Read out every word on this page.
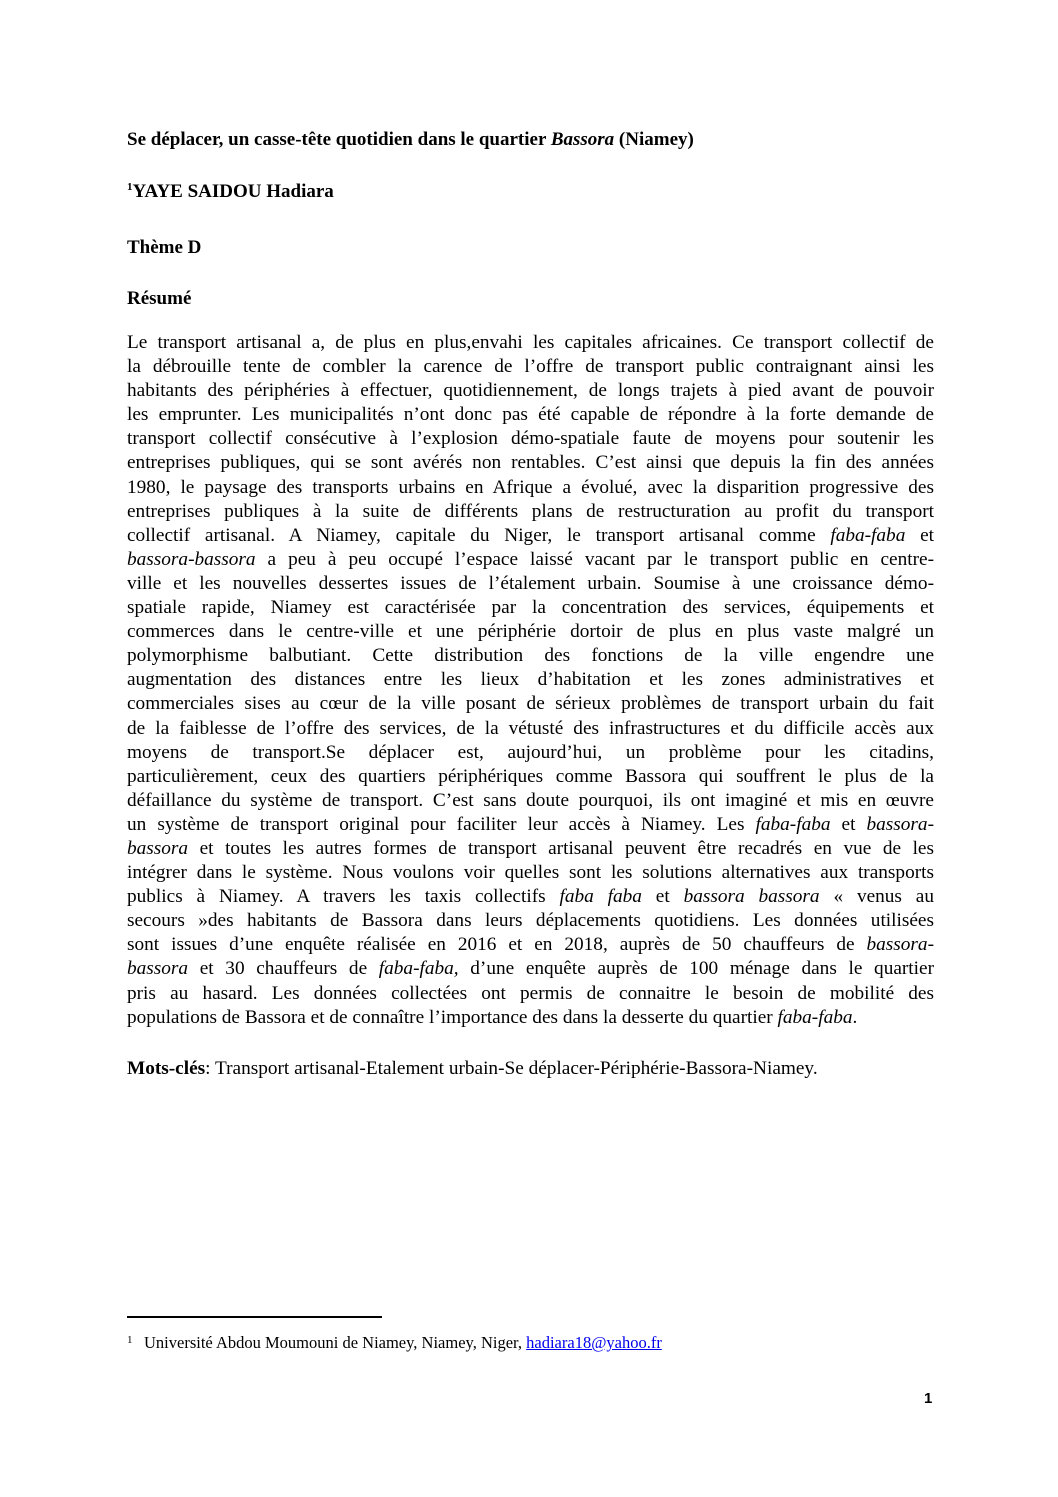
Se déplacer, un casse-tête quotidien dans le quartier Bassora (Niamey)
$^1$YAYE SAIDOU Hadiara
Thème D
Résumé
Le transport artisanal a, de plus en plus,envahi les capitales africaines. Ce transport collectif de
la débrouille tente de combler la carence de l’offre de transport public contraignant ainsi les
habitants des périphéries à effectuer, quotidiennement, de longs trajets à pied avant de pouvoir
les emprunter. Les municipalités n’ont donc pas été capable de répondre à la forte demande de
transport collectif consécutive à l’explosion démo-spatiale faute de moyens pour soutenir les
entreprises publiques, qui se sont avérés non rentables. C’est ainsi que depuis la fin des années
1980, le paysage des transports urbains en Afrique a évolué, avec la disparition progressive des
entreprises publiques à la suite de différents plans de restructuration au profit du transport
collectif artisanal. A Niamey, capitale du Niger, le transport artisanal comme faba-faba et
bassora-bassora a peu à peu occupé l’espace laissé vacant par le transport public en centre-
ville et les nouvelles dessertes issues de l’étalement urbain. Soumise à une croissance démo-
spatiale rapide, Niamey est caractérisée par la concentration des services, équipements et
commerces dans le centre-ville et une périphérie dortoir de plus en plus vaste malgré un
polymorphisme balbutiant. Cette distribution des fonctions de la ville engendre une
augmentation des distances entre les lieux d’habitation et les zones administratives et
commerciales sises au cœur de la ville posant de sérieux problèmes de transport urbain du fait
de la faiblesse de l’offre des services, de la vétusté des infrastructures et du difficile accès aux
moyens de transport.Se déplacer est, aujourd’hui, un problème pour les citadins,
particulièrement, ceux des quartiers périphériques comme Bassora qui souffrent le plus de la
défaillance du système de transport. C’est sans doute pourquoi, ils ont imaginé et mis en œuvre
un système de transport original pour faciliter leur accès à Niamey. Les faba-faba et bassora-
bassora et toutes les autres formes de transport artisanal peuvent être recadrés en vue de les
intégrer dans le système. Nous voulons voir quelles sont les solutions alternatives aux transports
publics à Niamey. A travers les taxis collectifs faba faba et bassora bassora « venus au
secours »des habitants de Bassora dans leurs déplacements quotidiens. Les données utilisées
sont issues d’une enquête réalisée en 2016 et en 2018, auprès de 50 chauffeurs de bassora-
bassora et 30 chauffeurs de faba-faba, d’une enquête auprès de 100 ménage dans le quartier
pris au hasard. Les données collectées ont permis de connaitre le besoin de mobilité des
populations de Bassora et de connaître l’importance des dans la desserte du quartier faba-faba.
Mots-clés: Transport artisanal-Etalement urbain-Se déplacer-Périphérie-Bassora-Niamey.
1 Université Abdou Moumouni de Niamey, Niamey, Niger, hadiara18@yahoo.fr
1
